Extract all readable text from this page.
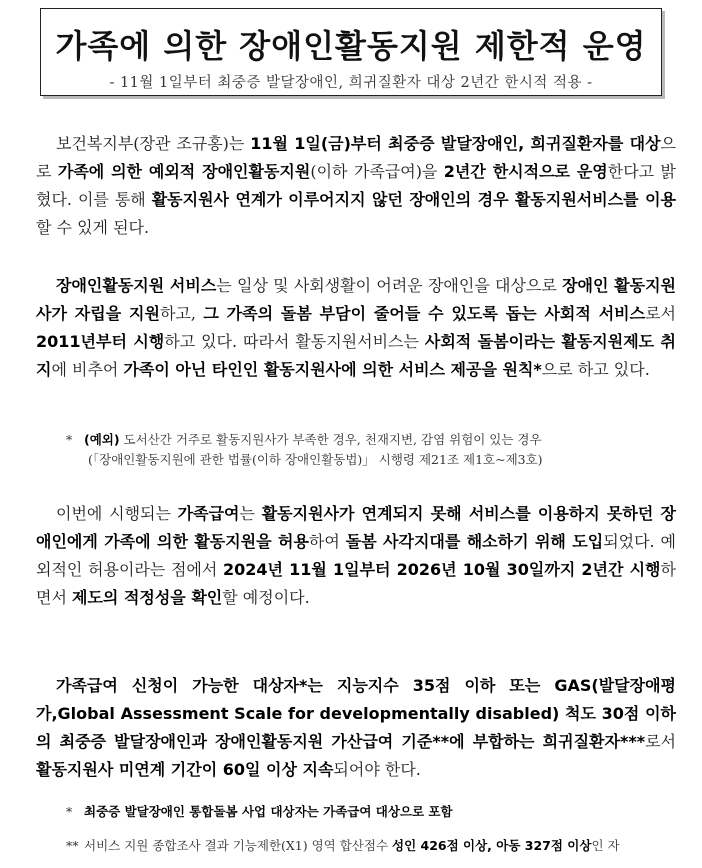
가족에 의한 장애인활동지원 제한적 운영
- 11월 1일부터 최중증 발달장애인, 희귀질환자 대상 2년간 한시적 적용 -
보건복지부(장관 조규홍)는 11월 1일(금)부터 최중증 발달장애인, 희귀질환자를 대상으로 가족에 의한 예외적 장애인활동지원(이하 가족급여)을 2년간 한시적으로 운영한다고 밝혔다. 이를 통해 활동지원사 연계가 이루어지지 않던 장애인의 경우 활동지원서비스를 이용할 수 있게 된다.
장애인활동지원 서비스는 일상 및 사회생활이 어려운 장애인을 대상으로 장애인 활동지원사가 자립을 지원하고, 그 가족의 돌봄 부담이 줄어들 수 있도록 돕는 사회적 서비스로서 2011년부터 시행하고 있다. 따라서 활동지원서비스는 사회적 돌봄이라는 활동지원제도 취지에 비추어 가족이 아닌 타인인 활동지원사에 의한 서비스 제공을 원칙*으로 하고 있다.
* (예외) 도서산간 거주로 활동지원사가 부족한 경우, 천재지변, 감염 위험이 있는 경우
(「장애인활동지원에 관한 법률(이하 장애인활동법)」 시행령 제21조 제1호~제3호)
이번에 시행되는 가족급여는 활동지원사가 연계되지 못해 서비스를 이용하지 못하던 장애인에게 가족에 의한 활동지원을 허용하여 돌봄 사각지대를 해소하기 위해 도입되었다. 예외적인 허용이라는 점에서 2024년 11월 1일부터 2026년 10월 30일까지 2년간 시행하면서 제도의 적정성을 확인할 예정이다.
가족급여 신청이 가능한 대상자*는 지능지수 35점 이하 또는 GAS(발달장애평가,Global Assessment Scale for developmentally disabled) 척도 30점 이하의 최중증 발달장애인과 장애인활동지원 가산급여 기준**에 부합하는 희귀질환자***로서 활동지원사 미연계 기간이 60일 이상 지속되어야 한다.
* 최중증 발달장애인 통합돌봄 사업 대상자는 가족급여 대상으로 포함
** 서비스 지원 종합조사 결과 기능제한(X1) 영역 합산점수 성인 426점 이상, 아동 327점 이상인 자
